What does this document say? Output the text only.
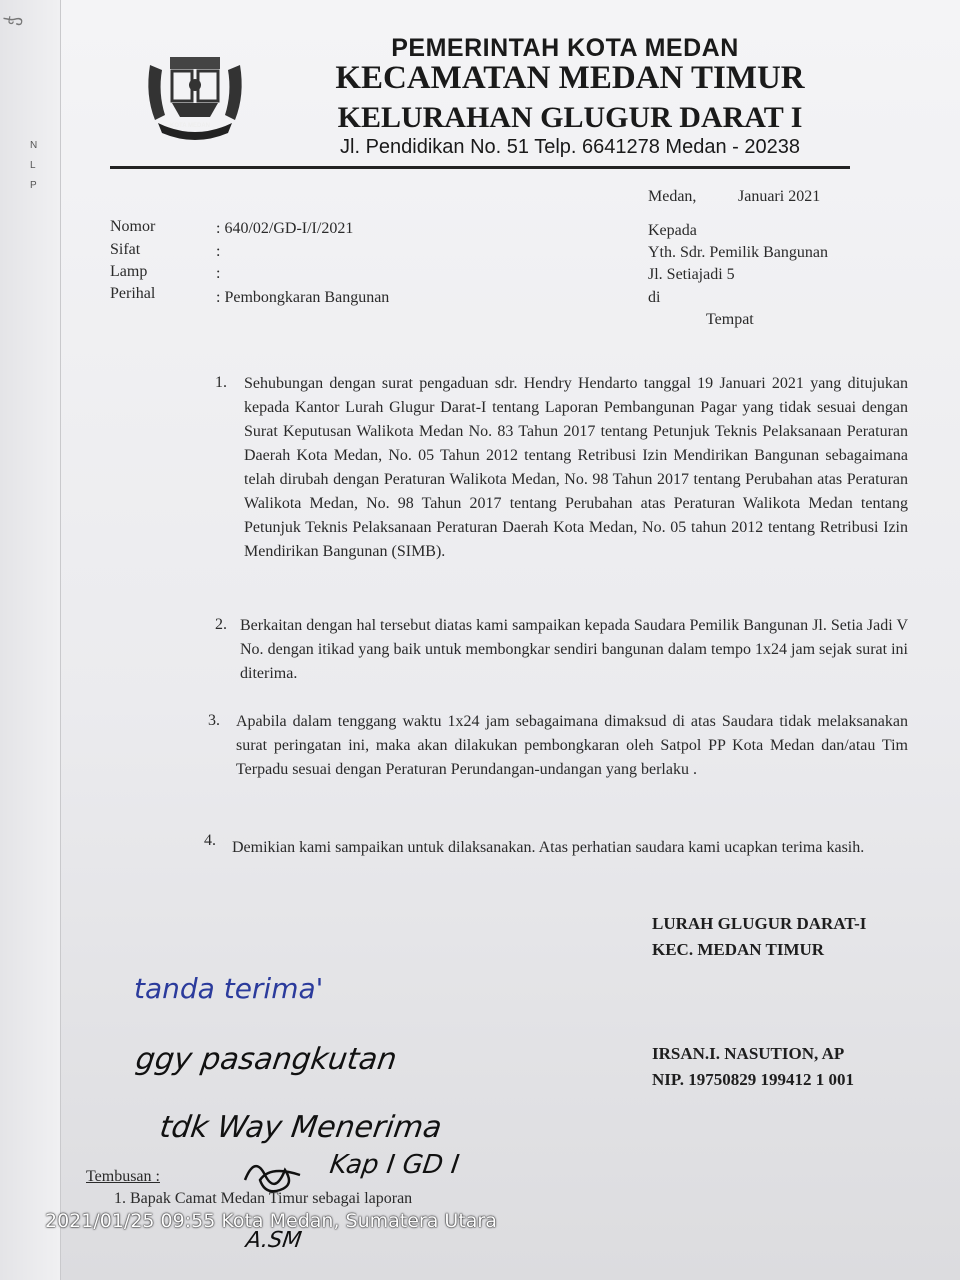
ჭ
N
L
P
KOTA MEDAN
PEMERINTAH KOTA MEDAN
KECAMATAN MEDAN TIMUR
KELURAHAN GLUGUR DARAT I
Jl. Pendidikan No. 51 Telp. 6641278 Medan - 20238
Medan,	Januari 2021
Nomor	: 640/02/GD-I/I/2021
Sifat	:
Lamp	:
Perihal	: Pembongkaran Bangunan
Kepada
Yth. Sdr. Pemilik Bangunan
Jl. Setiajadi 5
di
Tempat
1. Sehubungan dengan surat pengaduan sdr. Hendry Hendarto tanggal 19 Januari 2021 yang ditujukan kepada Kantor Lurah Glugur Darat-I tentang Laporan Pembangunan Pagar yang tidak sesuai dengan Surat Keputusan Walikota Medan No. 83 Tahun 2017 tentang Petunjuk Teknis Pelaksanaan Peraturan Daerah Kota Medan, No. 05 Tahun 2012 tentang Retribusi Izin Mendirikan Bangunan sebagaimana telah dirubah dengan Peraturan Walikota Medan, No. 98 Tahun 2017 tentang Perubahan atas Peraturan Walikota Medan, No. 98 Tahun 2017 tentang Perubahan atas Peraturan Walikota Medan tentang Petunjuk Teknis Pelaksanaan Peraturan Daerah Kota Medan, No. 05 tahun 2012 tentang Retribusi Izin Mendirikan Bangunan (SIMB).
2. Berkaitan dengan hal tersebut diatas kami sampaikan kepada Saudara Pemilik Bangunan Jl. Setia Jadi V No. dengan itikad yang baik untuk membongkar sendiri bangunan dalam tempo 1x24 jam sejak surat ini diterima.
3. Apabila dalam tenggang waktu 1x24 jam sebagaimana dimaksud di atas Saudara tidak melaksanakan surat peringatan ini, maka akan dilakukan pembongkaran oleh Satpol PP Kota Medan dan/atau Tim Terpadu sesuai dengan Peraturan Perundangan-undangan yang berlaku .
4. Demikian kami sampaikan untuk dilaksanakan. Atas perhatian saudara kami ucapkan terima kasih.
LURAH GLUGUR DARAT-I
KEC. MEDAN TIMUR
IRSAN.I. NASUTION, AP
NIP. 19750829 199412 1 001
tanda terima'
ggy pasangkutan
tdk Way Menerima
Kap I GD I
A.SM
Tembusan :
1. Bapak Camat Medan Timur sebagai laporan
2021/01/25 09:55 Kota Medan, Sumatera Utara
